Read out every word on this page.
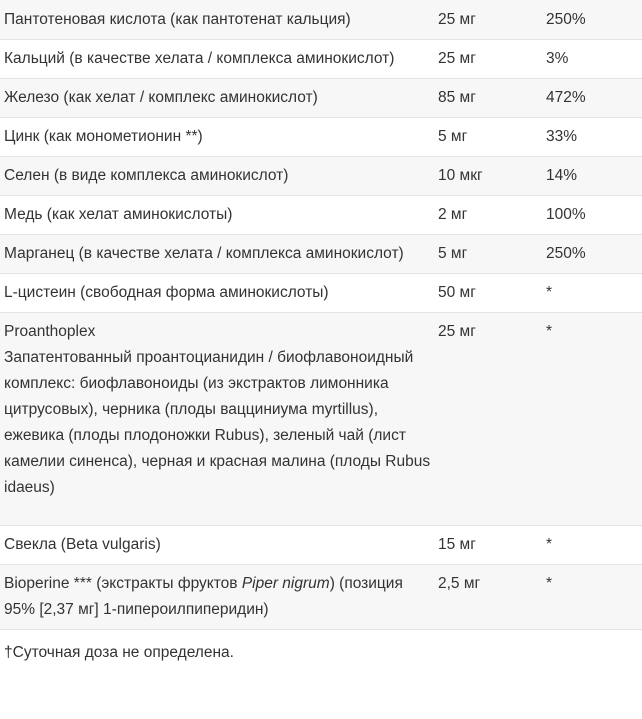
Пантотеновая кислота (как пантотенат кальция)	25 мг	250%
Кальций (в качестве хелата / комплекса аминокислот)	25 мг	3%
Железо (как хелат / комплекс аминокислот)	85 мг	472%
Цинк (как монометионин **)	5 мг	33%
Селен (в виде комплекса аминокислот)	10 мкг	14%
Медь (как хелат аминокислоты)	2 мг	100%
Марганец (в качестве хелата / комплекса аминокислот)	5 мг	250%
L-цистеин (свободная форма аминокислоты)	50 мг	*

Proanthoplex
Запатентованный проантоцианидин / биофлавоноидный комплекс: биофлавоноиды (из экстрактов лимонника цитрусовых), черника (плоды вацциниума myrtillus), ежевика (плоды плодоножки Rubus), зеленый чай (лист камелии синенса), черная и красная малина (плоды Rubus idaeus)	25 мг	*
Свекла (Beta vulgaris)	15 мг	*
Bioperine *** (экстракты фруктов Piper nigrum) (позиция 95% [2,37 мг] 1-пипероилпиперидин)	2,5 мг	*
†Суточная доза не определена.
